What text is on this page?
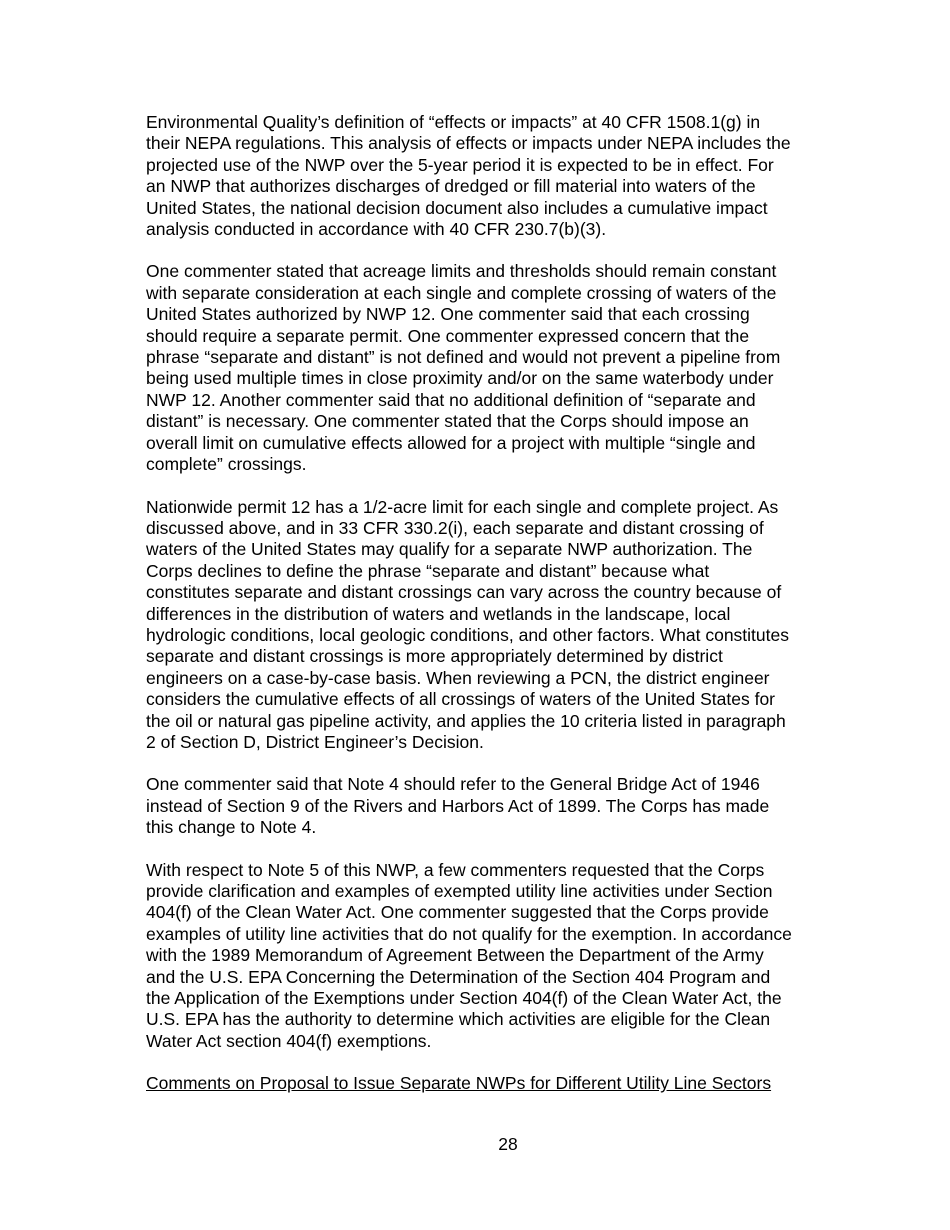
Environmental Quality’s definition of “effects or impacts” at 40 CFR 1508.1(g) in
their NEPA regulations. This analysis of effects or impacts under NEPA includes the
projected use of the NWP over the 5-year period it is expected to be in effect. For
an NWP that authorizes discharges of dredged or fill material into waters of the
United States, the national decision document also includes a cumulative impact
analysis conducted in accordance with 40 CFR 230.7(b)(3).

One commenter stated that acreage limits and thresholds should remain constant
with separate consideration at each single and complete crossing of waters of the
United States authorized by NWP 12. One commenter said that each crossing
should require a separate permit. One commenter expressed concern that the
phrase “separate and distant” is not defined and would not prevent a pipeline from
being used multiple times in close proximity and/or on the same waterbody under
NWP 12. Another commenter said that no additional definition of “separate and
distant” is necessary. One commenter stated that the Corps should impose an
overall limit on cumulative effects allowed for a project with multiple “single and
complete” crossings.

Nationwide permit 12 has a 1/2-acre limit for each single and complete project. As
discussed above, and in 33 CFR 330.2(i), each separate and distant crossing of
waters of the United States may qualify for a separate NWP authorization. The
Corps declines to define the phrase “separate and distant” because what
constitutes separate and distant crossings can vary across the country because of
differences in the distribution of waters and wetlands in the landscape, local
hydrologic conditions, local geologic conditions, and other factors. What constitutes
separate and distant crossings is more appropriately determined by district
engineers on a case-by-case basis. When reviewing a PCN, the district engineer
considers the cumulative effects of all crossings of waters of the United States for
the oil or natural gas pipeline activity, and applies the 10 criteria listed in paragraph
2 of Section D, District Engineer’s Decision.

One commenter said that Note 4 should refer to the General Bridge Act of 1946
instead of Section 9 of the Rivers and Harbors Act of 1899. The Corps has made
this change to Note 4.

With respect to Note 5 of this NWP, a few commenters requested that the Corps
provide clarification and examples of exempted utility line activities under Section
404(f) of the Clean Water Act. One commenter suggested that the Corps provide
examples of utility line activities that do not qualify for the exemption. In accordance
with the 1989 Memorandum of Agreement Between the Department of the Army
and the U.S. EPA Concerning the Determination of the Section 404 Program and
the Application of the Exemptions under Section 404(f) of the Clean Water Act, the
U.S. EPA has the authority to determine which activities are eligible for the Clean
Water Act section 404(f) exemptions.

Comments on Proposal to Issue Separate NWPs for Different Utility Line Sectors

28
